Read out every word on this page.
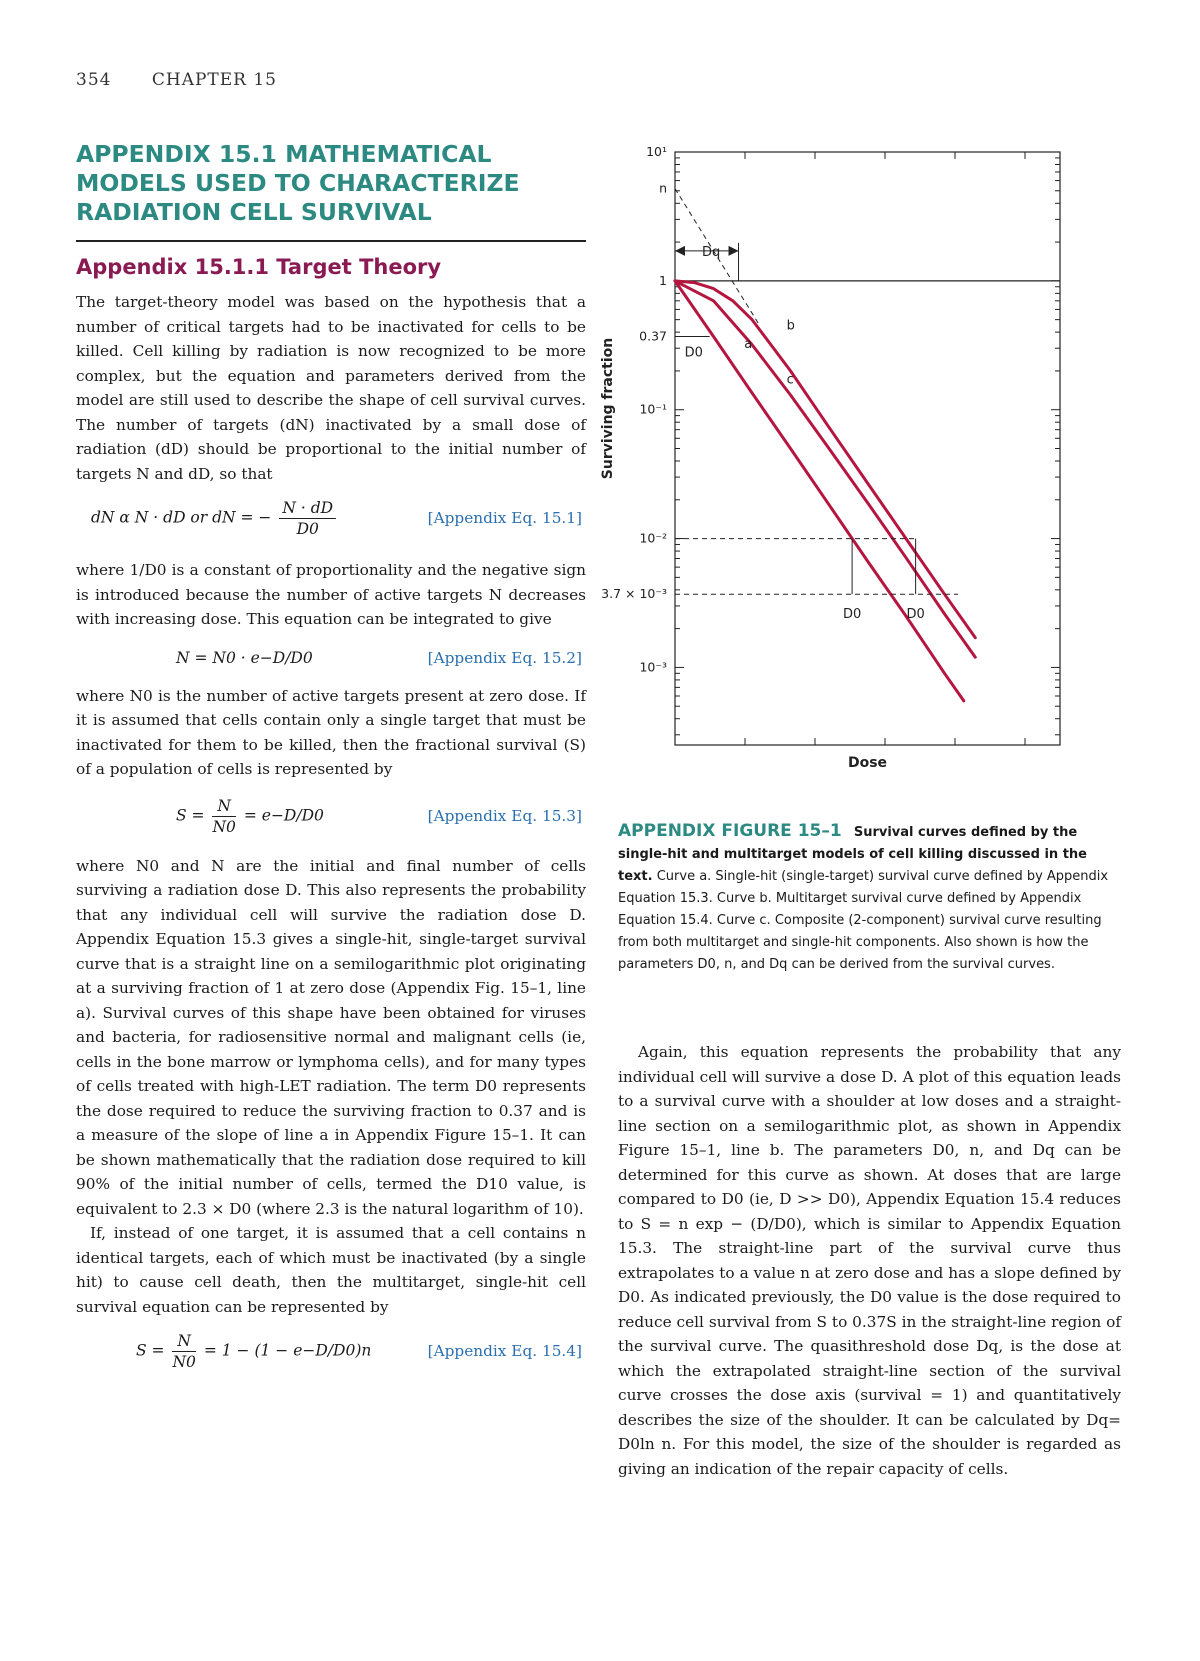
354 CHAPTER 15
APPENDIX 15.1 MATHEMATICAL MODELS USED TO CHARACTERIZE RADIATION CELL SURVIVAL
Appendix 15.1.1 Target Theory

The target-theory model was based on the hypothesis that a number of critical targets had to be inactivated for cells to be killed. Cell killing by radiation is now recognized to be more complex, but the equation and parameters derived from the model are still used to describe the shape of cell survival curves. The number of targets (dN) inactivated by a small dose of radiation (dD) should be proportional to the initial number of targets N and dD, so that

dN α N · dD or dN = − $\frac{N \cdot dD}{D0}$	[Appendix Eq. 15.1]

where 1/D0 is a constant of proportionality and the negative sign is introduced because the number of active targets N decreases with increasing dose. This equation can be integrated to give

N = N0 · e−D/D0	[Appendix Eq. 15.2]

where N0 is the number of active targets present at zero dose. If it is assumed that cells contain only a single target that must be inactivated for them to be killed, then the fractional survival (S) of a population of cells is represented by

$S = \frac{N}{N0} = e-D/D0$	[Appendix Eq. 15.3]

where N0 and N are the initial and final number of cells surviving a radiation dose D. This also represents the probability that any individual cell will survive the radiation dose D. Appendix Equation 15.3 gives a single-hit, single-target survival curve that is a straight line on a semilogarithmic plot originating at a surviving fraction of 1 at zero dose (Appendix Fig. 15–1, line a). Survival curves of this shape have been obtained for viruses and bacteria, for radiosensitive normal and malignant cells (ie, cells in the bone marrow or lymphoma cells), and for many types of cells treated with high-LET radiation. The term D0 represents the dose required to reduce the surviving fraction to 0.37 and is a measure of the slope of line a in Appendix Figure 15–1. It can be shown mathematically that the radiation dose required to kill 90% of the initial number of cells, termed the D10 value, is equivalent to 2.3 × D0 (where 2.3 is the natural logarithm of 10).

If, instead of one target, it is assumed that a cell contains n identical targets, each of which must be inactivated (by a single hit) to cause cell death, then the multitarget, single-hit cell survival equation can be represented by

$S = \frac{N}{N0} = 1 - (1 - e-D/D0)n$	[Appendix Eq. 15.4]
10¹
n
1
0.37
10⁻¹
10⁻²
3.7 × 10⁻³
10⁻³
Dq
D0
D0	D0
a
b
c
Dose
Surviving fraction
APPENDIX FIGURE 15–1 Survival curves defined by the single-hit and multitarget models of cell killing discussed in the text. Curve a. Single-hit (single-target) survival curve defined by Appendix Equation 15.3. Curve b. Multitarget survival curve defined by Appendix Equation 15.4. Curve c. Composite (2-component) survival curve resulting from both multitarget and single-hit components. Also shown is how the parameters D0, n, and Dq can be derived from the survival curves.

Again, this equation represents the probability that any individual cell will survive a dose D. A plot of this equation leads to a survival curve with a shoulder at low doses and a straight-line section on a semilogarithmic plot, as shown in Appendix Figure 15–1, line b. The parameters D0, n, and Dq can be determined for this curve as shown. At doses that are large compared to D0 (ie, D >> D0), Appendix Equation 15.4 reduces to S = n exp − (D/D0), which is similar to Appendix Equation 15.3. The straight-line part of the survival curve thus extrapolates to a value n at zero dose and has a slope defined by D0. As indicated previously, the D0 value is the dose required to reduce cell survival from S to 0.37S in the straight-line region of the survival curve. The quasithreshold dose Dq, is the dose at which the extrapolated straight-line section of the survival curve crosses the dose axis (survival = 1) and quantitatively describes the size of the shoulder. It can be calculated by Dq= D0ln n. For this model, the size of the shoulder is regarded as giving an indication of the repair capacity of cells.
